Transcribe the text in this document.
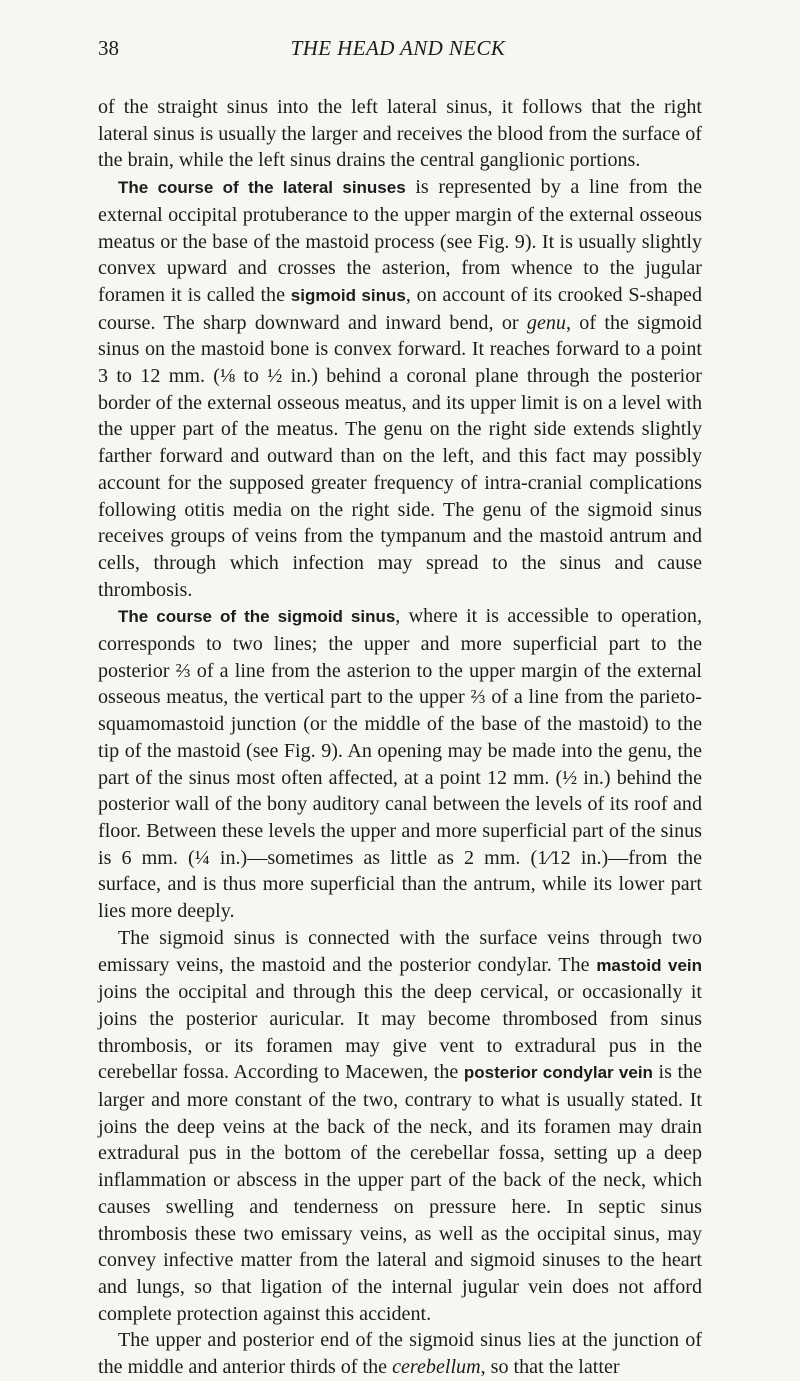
38	THE HEAD AND NECK

of the straight sinus into the left lateral sinus, it follows that the right lateral sinus is usually the larger and receives the blood from the surface of the brain, while the left sinus drains the central ganglionic portions.

The course of the lateral sinuses is represented by a line from the external occipital protuberance to the upper margin of the external osseous meatus or the base of the mastoid process (see Fig. 9). It is usually slightly convex upward and crosses the asterion, from whence to the jugular foramen it is called the sigmoid sinus, on account of its crooked S-shaped course. The sharp downward and inward bend, or genu, of the sigmoid sinus on the mastoid bone is convex forward. It reaches forward to a point 3 to 12 mm. (⅛ to ½ in.) behind a coronal plane through the posterior border of the external osseous meatus, and its upper limit is on a level with the upper part of the meatus. The genu on the right side extends slightly farther forward and outward than on the left, and this fact may possibly account for the supposed greater frequency of intra-cranial complications following otitis media on the right side. The genu of the sigmoid sinus receives groups of veins from the tympanum and the mastoid antrum and cells, through which infection may spread to the sinus and cause thrombosis.

The course of the sigmoid sinus, where it is accessible to operation, corresponds to two lines; the upper and more superficial part to the posterior ⅔ of a line from the asterion to the upper margin of the external osseous meatus, the vertical part to the upper ⅔ of a line from the parieto-squamomastoid junction (or the middle of the base of the mastoid) to the tip of the mastoid (see Fig. 9). An opening may be made into the genu, the part of the sinus most often affected, at a point 12 mm. (½ in.) behind the posterior wall of the bony auditory canal between the levels of its roof and floor. Between these levels the upper and more superficial part of the sinus is 6 mm. (¼ in.)—sometimes as little as 2 mm. (1⁄12 in.)—from the surface, and is thus more superficial than the antrum, while its lower part lies more deeply.

The sigmoid sinus is connected with the surface veins through two emissary veins, the mastoid and the posterior condylar. The mastoid vein joins the occipital and through this the deep cervical, or occasionally it joins the posterior auricular. It may become thrombosed from sinus thrombosis, or its foramen may give vent to extradural pus in the cerebellar fossa. According to Macewen, the posterior condylar vein is the larger and more constant of the two, contrary to what is usually stated. It joins the deep veins at the back of the neck, and its foramen may drain extradural pus in the bottom of the cerebellar fossa, setting up a deep inflammation or abscess in the upper part of the back of the neck, which causes swelling and tenderness on pressure here. In septic sinus thrombosis these two emissary veins, as well as the occipital sinus, may convey infective matter from the lateral and sigmoid sinuses to the heart and lungs, so that ligation of the internal jugular vein does not afford complete protection against this accident.

The upper and posterior end of the sigmoid sinus lies at the junction of the middle and anterior thirds of the cerebellum, so that the latter
